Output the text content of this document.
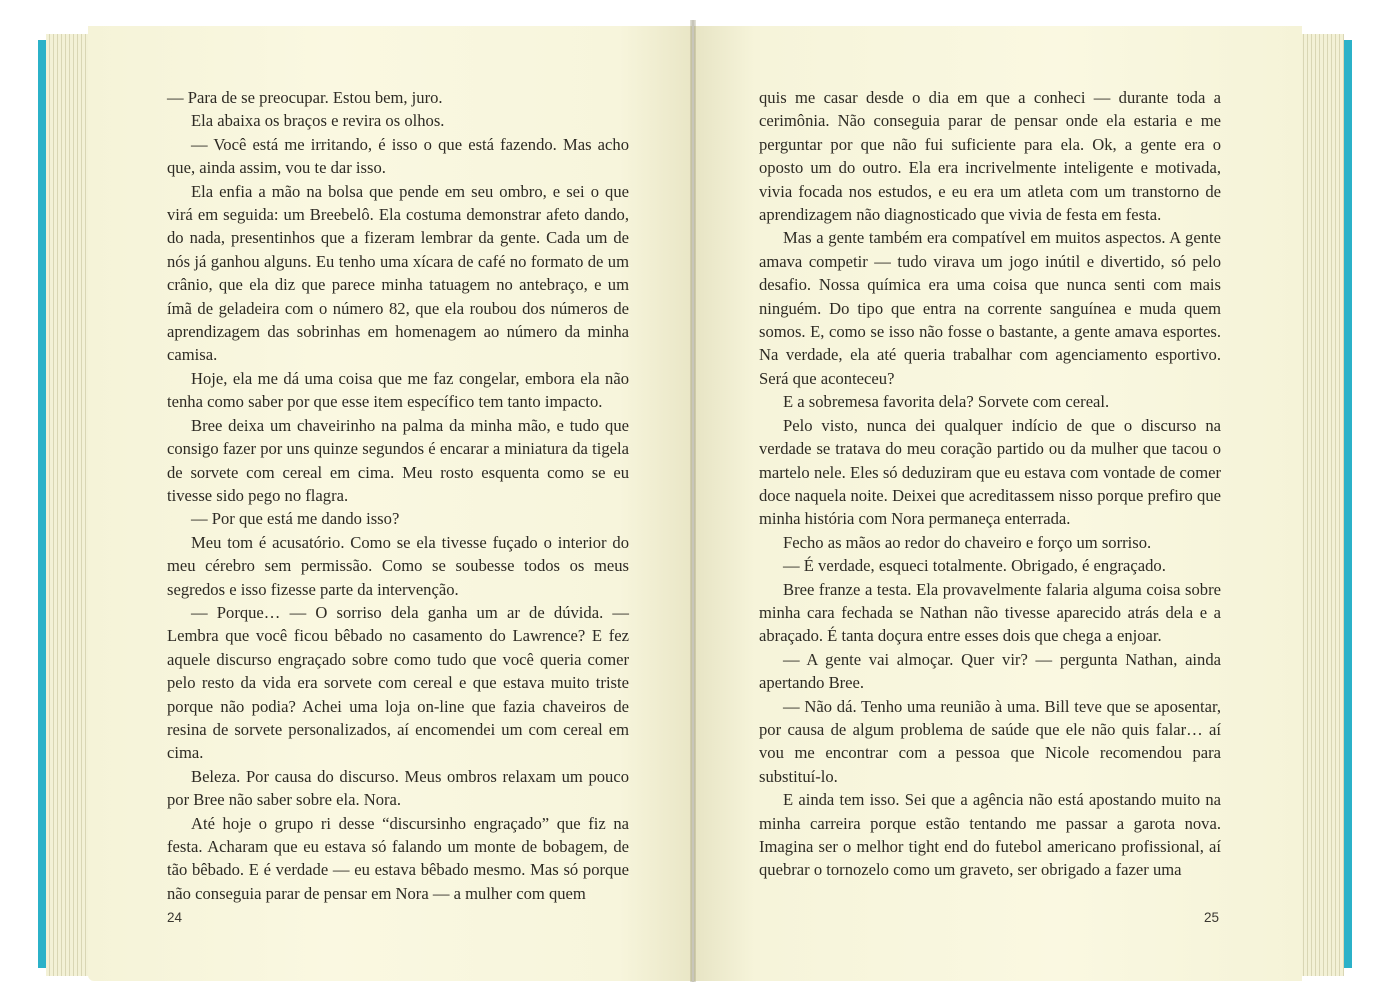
— Para de se preocupar. Estou bem, juro.

Ela abaixa os braços e revira os olhos.

— Você está me irritando, é isso o que está fazendo. Mas acho que, ainda assim, vou te dar isso.

Ela enfia a mão na bolsa que pende em seu ombro, e sei o que virá em seguida: um Breebelô. Ela costuma demonstrar afeto dando, do nada, presentinhos que a fizeram lembrar da gente. Cada um de nós já ganhou alguns. Eu tenho uma xícara de café no formato de um crânio, que ela diz que parece minha tatuagem no antebraço, e um ímã de geladeira com o número 82, que ela roubou dos números de aprendizagem das sobrinhas em homenagem ao número da minha camisa.

Hoje, ela me dá uma coisa que me faz congelar, embora ela não tenha como saber por que esse item específico tem tanto impacto.

Bree deixa um chaveirinho na palma da minha mão, e tudo que consigo fazer por uns quinze segundos é encarar a miniatura da tigela de sorvete com cereal em cima. Meu rosto esquenta como se eu tivesse sido pego no flagra.

— Por que está me dando isso?

Meu tom é acusatório. Como se ela tivesse fuçado o interior do meu cérebro sem permissão. Como se soubesse todos os meus segredos e isso fizesse parte da intervenção.

— Porque… — O sorriso dela ganha um ar de dúvida. — Lembra que você ficou bêbado no casamento do Lawrence? E fez aquele discurso engraçado sobre como tudo que você queria comer pelo resto da vida era sorvete com cereal e que estava muito triste porque não podia? Achei uma loja on-line que fazia chaveiros de resina de sorvete personalizados, aí encomendei um com cereal em cima.

Beleza. Por causa do discurso. Meus ombros relaxam um pouco por Bree não saber sobre ela. Nora.

Até hoje o grupo ri desse “discursinho engraçado” que fiz na festa. Acharam que eu estava só falando um monte de bobagem, de tão bêbado. E é verdade — eu estava bêbado mesmo. Mas só porque não conseguia parar de pensar em Nora — a mulher com quem

24

quis me casar desde o dia em que a conheci — durante toda a cerimônia. Não conseguia parar de pensar onde ela estaria e me perguntar por que não fui suficiente para ela. Ok, a gente era o oposto um do outro. Ela era incrivelmente inteligente e motivada, vivia focada nos estudos, e eu era um atleta com um transtorno de aprendizagem não diagnosticado que vivia de festa em festa.

Mas a gente também era compatível em muitos aspectos. A gente amava competir — tudo virava um jogo inútil e divertido, só pelo desafio. Nossa química era uma coisa que nunca senti com mais ninguém. Do tipo que entra na corrente sanguínea e muda quem somos. E, como se isso não fosse o bastante, a gente amava esportes. Na verdade, ela até queria trabalhar com agenciamento esportivo. Será que aconteceu?

E a sobremesa favorita dela? Sorvete com cereal.

Pelo visto, nunca dei qualquer indício de que o discurso na verdade se tratava do meu coração partido ou da mulher que tacou o martelo nele. Eles só deduziram que eu estava com vontade de comer doce naquela noite. Deixei que acreditassem nisso porque prefiro que minha história com Nora permaneça enterrada.

Fecho as mãos ao redor do chaveiro e forço um sorriso.

— É verdade, esqueci totalmente. Obrigado, é engraçado.

Bree franze a testa. Ela provavelmente falaria alguma coisa sobre minha cara fechada se Nathan não tivesse aparecido atrás dela e a abraçado. É tanta doçura entre esses dois que chega a enjoar.

— A gente vai almoçar. Quer vir? — pergunta Nathan, ainda apertando Bree.

— Não dá. Tenho uma reunião à uma. Bill teve que se aposentar, por causa de algum problema de saúde que ele não quis falar… aí vou me encontrar com a pessoa que Nicole recomendou para substituí-lo.

E ainda tem isso. Sei que a agência não está apostando muito na minha carreira porque estão tentando me passar a garota nova. Imagina ser o melhor tight end do futebol americano profissional, aí quebrar o tornozelo como um graveto, ser obrigado a fazer uma

25
